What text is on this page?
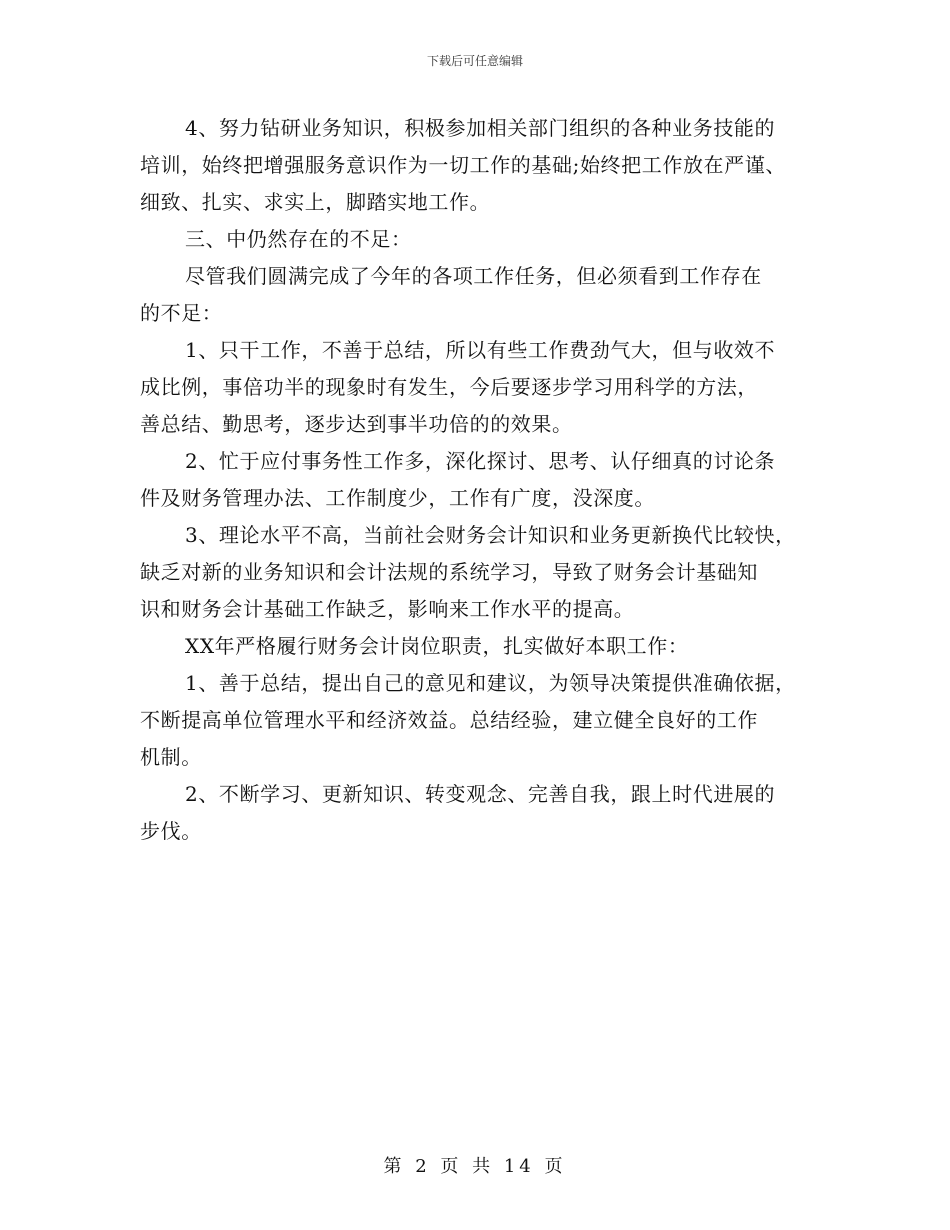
下载后可任意编辑
4、努力钻研业务知识，积极参加相关部门组织的各种业务技能的
培训，始终把增强服务意识作为一切工作的基础;始终把工作放在严谨、
细致、扎实、求实上，脚踏实地工作。
三、中仍然存在的不足：
尽管我们圆满完成了今年的各项工作任务，但必须看到工作存在
的不足：
1、只干工作，不善于总结，所以有些工作费劲气大，但与收效不
成比例，事倍功半的现象时有发生，今后要逐步学习用科学的方法，
善总结、勤思考，逐步达到事半功倍的的效果。
2、忙于应付事务性工作多，深化探讨、思考、认仔细真的讨论条
件及财务管理办法、工作制度少，工作有广度，没深度。
3、理论水平不高，当前社会财务会计知识和业务更新换代比较快，
缺乏对新的业务知识和会计法规的系统学习，导致了财务会计基础知
识和财务会计基础工作缺乏，影响来工作水平的提高。
XX年严格履行财务会计岗位职责，扎实做好本职工作：
1、善于总结，提出自己的意见和建议，为领导决策提供准确依据，
不断提高单位管理水平和经济效益。总结经验，建立健全良好的工作
机制。
2、不断学习、更新知识、转变观念、完善自我，跟上时代进展的
步伐。
第 2 页 共 14 页
